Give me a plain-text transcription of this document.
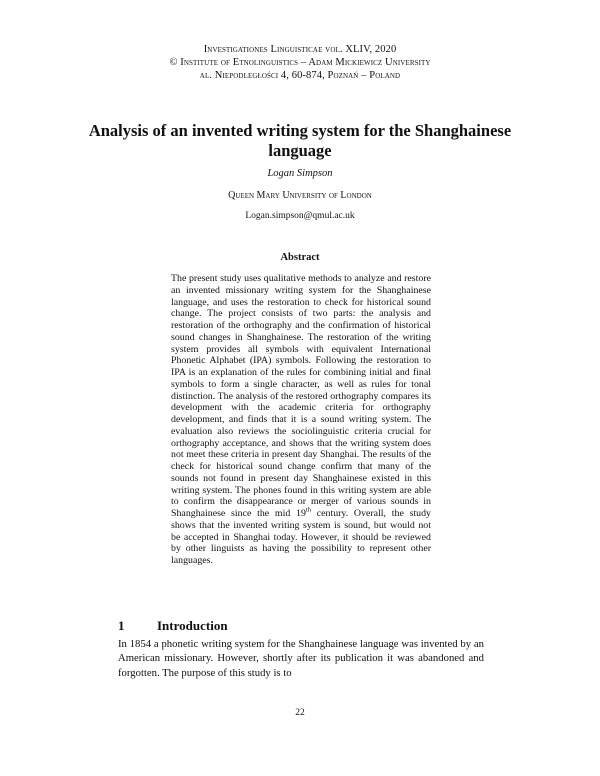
Investigationes Linguisticae vol. XLIV, 2020
© Institute of Etnolinguistics – Adam Mickiewicz University
al. Niepodległości 4, 60-874, Poznań – Poland
Analysis of an invented writing system for the Shanghainese language
Logan Simpson
Queen Mary University of London
Logan.simpson@qmul.ac.uk
Abstract

The present study uses qualitative methods to analyze and restore an invented missionary writing system for the Shanghainese language, and uses the restoration to check for historical sound change. The project consists of two parts: the analysis and restoration of the orthography and the confirmation of historical sound changes in Shanghainese. The restoration of the writing system provides all symbols with equivalent International Phonetic Alphabet (IPA) symbols. Following the restoration to IPA is an explanation of the rules for combining initial and final symbols to form a single character, as well as rules for tonal distinction. The analysis of the restored orthography compares its development with the academic criteria for orthography development, and finds that it is a sound writing system. The evaluation also reviews the sociolinguistic criteria crucial for orthography acceptance, and shows that the writing system does not meet these criteria in present day Shanghai. The results of the check for historical sound change confirm that many of the sounds not found in present day Shanghainese existed in this writing system. The phones found in this writing system are able to confirm the disappearance or merger of various sounds in Shanghainese since the mid 19th century. Overall, the study shows that the invented writing system is sound, but would not be accepted in Shanghai today. However, it should be reviewed by other linguists as having the possibility to represent other languages.

1	Introduction

In 1854 a phonetic writing system for the Shanghainese language was invented by an American missionary. However, shortly after its publication it was abandoned and forgotten. The purpose of this study is to

22
